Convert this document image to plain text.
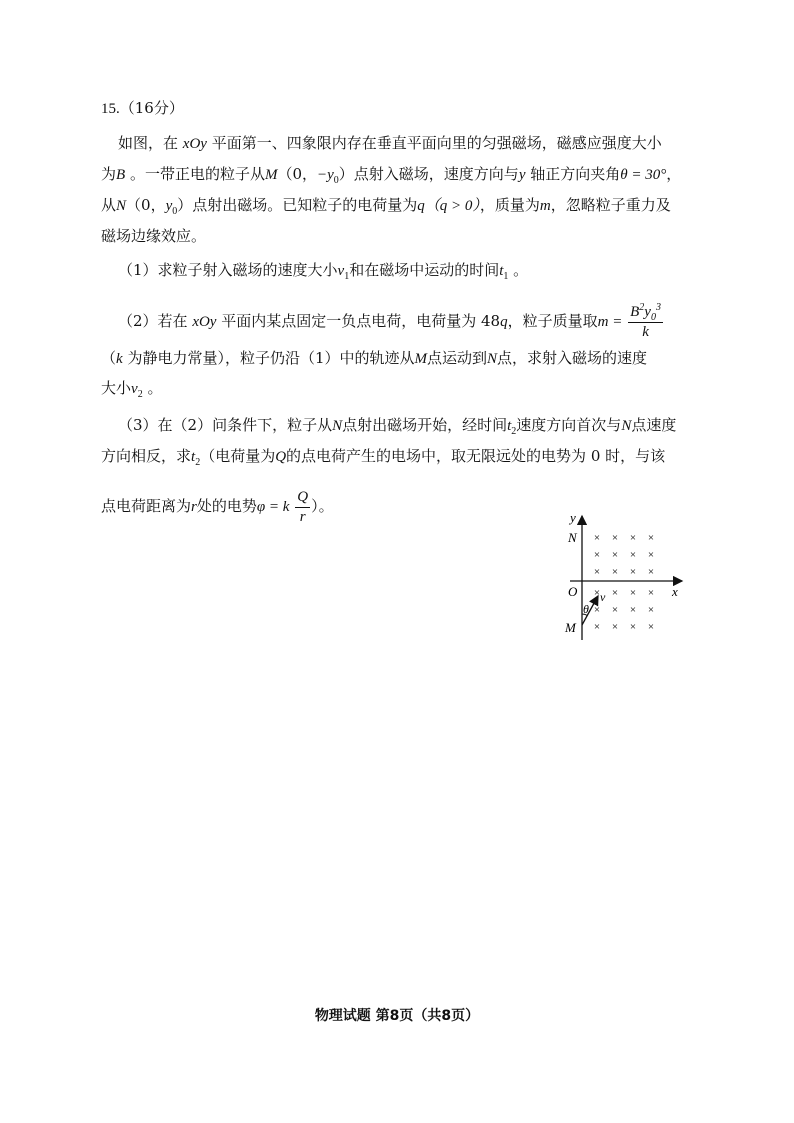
15.（16分）
如图，在 xOy 平面第一、四象限内存在垂直平面向里的匀强磁场，磁感应强度大小
为B 。一带正电的粒子从M（0，$-y_0$）点射入磁场，速度方向与y 轴正方向夹角θ = 30°，
从N（0，$y_0$）点射出磁场。已知粒子的电荷量为q（q > 0），质量为m，忽略粒子重力及
磁场边缘效应。
（1）求粒子射入磁场的速度大小$v_1$和在磁场中运动的时间$t_1$ 。
（2）若在 xOy 平面内某点固定一负点电荷，电荷量为 48q，粒子质量取$m = \frac{B^2y_0^3}{k}$
（k 为静电力常量），粒子仍沿（1）中的轨迹从M点运动到N点，求射入磁场的速度
大小$v_2$ 。
（3）在（2）问条件下，粒子从N点射出磁场开始，经时间$t_2$速度方向首次与N点速度
方向相反，求$t_2$（电荷量为Q的点电荷产生的电场中，取无限远处的电势为 0 时，与该
点电荷距离为r处的电势φ = k $\frac{Q}{r}$ ）。
y
N
O	x
M
v
θ
× × × ×
× × × ×
× × × ×
× × × ×
× × × ×
× × × ×
物理试题 第8页（共8页）
